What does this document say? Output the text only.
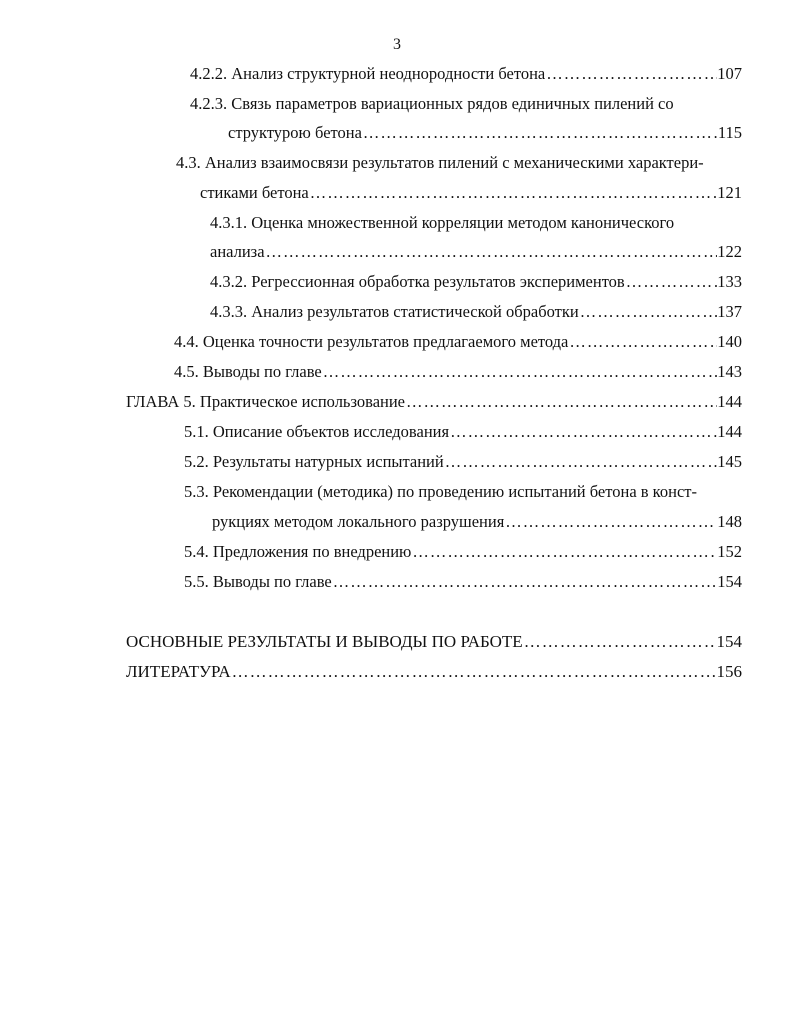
3
4.2.2. Анализ структурной неоднородности бетона …………………………………………………………………………………………………………………………………………………………………	107
4.2.3. Связь параметров вариационных рядов единичных пилений со
структурою бетона …………………………………………………………………………………………………………………………………………………………………	115
4.3. Анализ взаимосвязи результатов пилений с механическими характери-
стиками бетона …………………………………………………………………………………………………………………………………………………………………	121
4.3.1. Оценка множественной корреляции методом канонического
анализа …………………………………………………………………………………………………………………………………………………………………	122
4.3.2. Регрессионная обработка результатов экспериментов …………………………………………………………………………………………………………………………………………………………………	133
4.3.3. Анализ результатов статистической обработки …………………………………………………………………………………………………………………………………………………………………	137
4.4. Оценка точности результатов предлагаемого метода …………………………………………………………………………………………………………………………………………………………………	140
4.5. Выводы по главе …………………………………………………………………………………………………………………………………………………………………	143
ГЛАВА 5. Практическое использование …………………………………………………………………………………………………………………………………………………………………	144
5.1. Описание объектов исследования …………………………………………………………………………………………………………………………………………………………………	144
5.2. Результаты натурных испытаний …………………………………………………………………………………………………………………………………………………………………	145
5.3. Рекомендации (методика) по проведению испытаний бетона в конст-
рукциях методом локального разрушения …………………………………………………………………………………………………………………………………………………………………	148
5.4. Предложения по внедрению …………………………………………………………………………………………………………………………………………………………………	152
5.5. Выводы по главе …………………………………………………………………………………………………………………………………………………………………	154
ОСНОВНЫЕ РЕЗУЛЬТАТЫ И ВЫВОДЫ ПО РАБОТЕ …………………………………………………………………………………………………………………………………………………………………	154
ЛИТЕРАТУРА …………………………………………………………………………………………………………………………………………………………………	156
